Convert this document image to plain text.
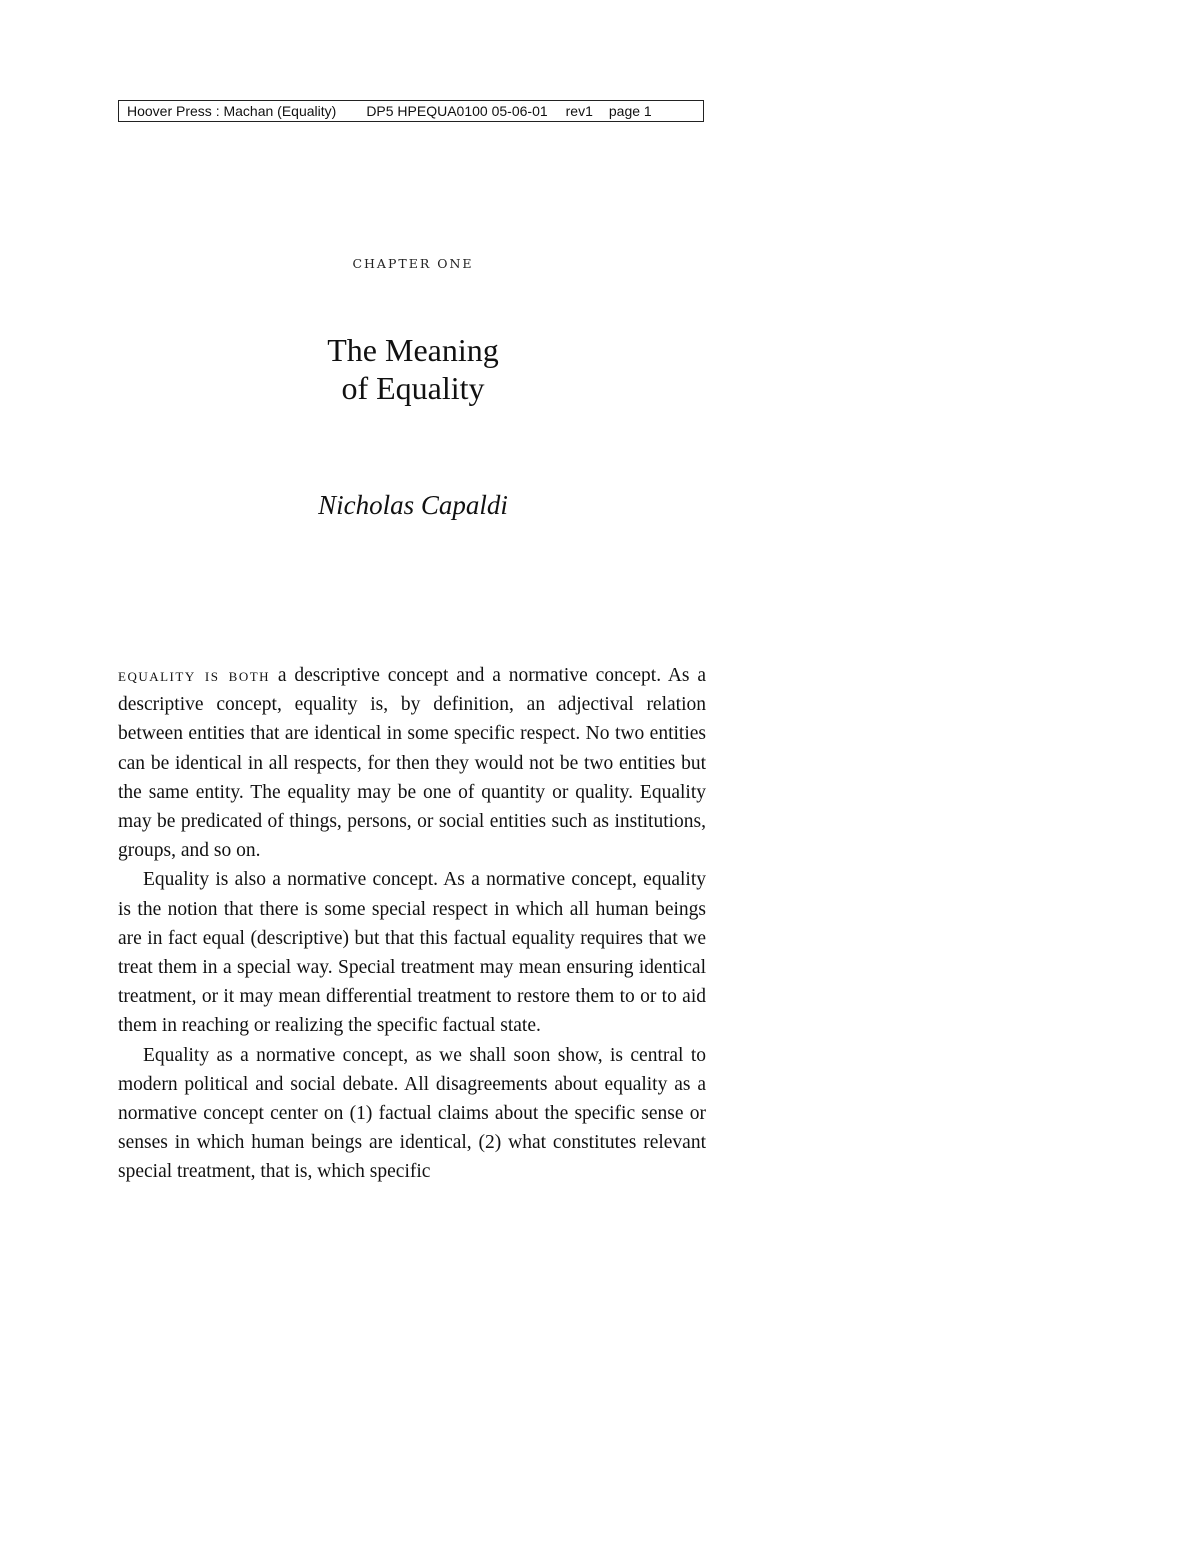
Hoover Press : Machan (Equality) DP5 HPEQUA0100 05-06-01 rev1 page 1
CHAPTER ONE
The Meaning
of Equality
Nicholas Capaldi

equality is both a descriptive concept and a normative concept. As a descriptive concept, equality is, by definition, an adjectival relation between entities that are identical in some specific respect. No two entities can be identical in all respects, for then they would not be two entities but the same entity. The equality may be one of quantity or quality. Equality may be predicated of things, persons, or social entities such as institutions, groups, and so on.

Equality is also a normative concept. As a normative concept, equality is the notion that there is some special respect in which all human beings are in fact equal (descriptive) but that this factual equality requires that we treat them in a special way. Special treatment may mean ensuring identical treatment, or it may mean differential treatment to restore them to or to aid them in reaching or realizing the specific factual state.

Equality as a normative concept, as we shall soon show, is central to modern political and social debate. All disagreements about equality as a normative concept center on (1) factual claims about the specific sense or senses in which human beings are identical, (2) what constitutes relevant special treatment, that is, which specific
